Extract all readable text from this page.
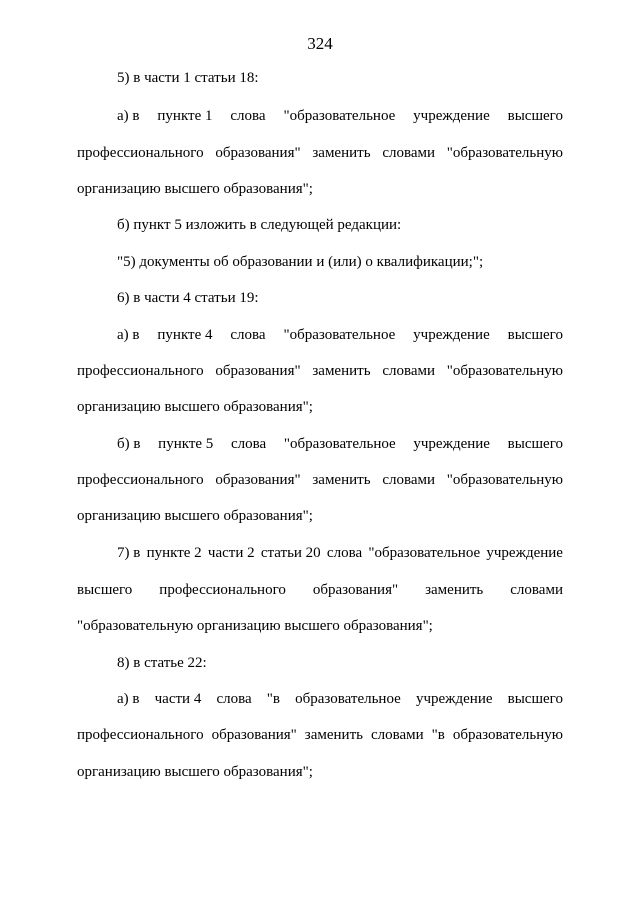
324
5) в части 1 статьи 18:
а) в пункте 1 слова "образовательное учреждение высшего
профессионального образования" заменить словами "образовательную
организацию высшего образования";
б) пункт 5 изложить в следующей редакции:
"5) документы об образовании и (или) о квалификации;";
6) в части 4 статьи 19:
а) в пункте 4 слова "образовательное учреждение высшего
профессионального образования" заменить словами "образовательную
организацию высшего образования";
б) в пункте 5 слова "образовательное учреждение высшего
профессионального образования" заменить словами "образовательную
организацию высшего образования";
7) в пункте 2 части 2 статьи 20 слова "образовательное учреждение
высшего профессионального образования" заменить словами
"образовательную организацию высшего образования";
8) в статье 22:
а) в части 4 слова "в образовательное учреждение высшего
профессионального образования" заменить словами "в образовательную
организацию высшего образования";
